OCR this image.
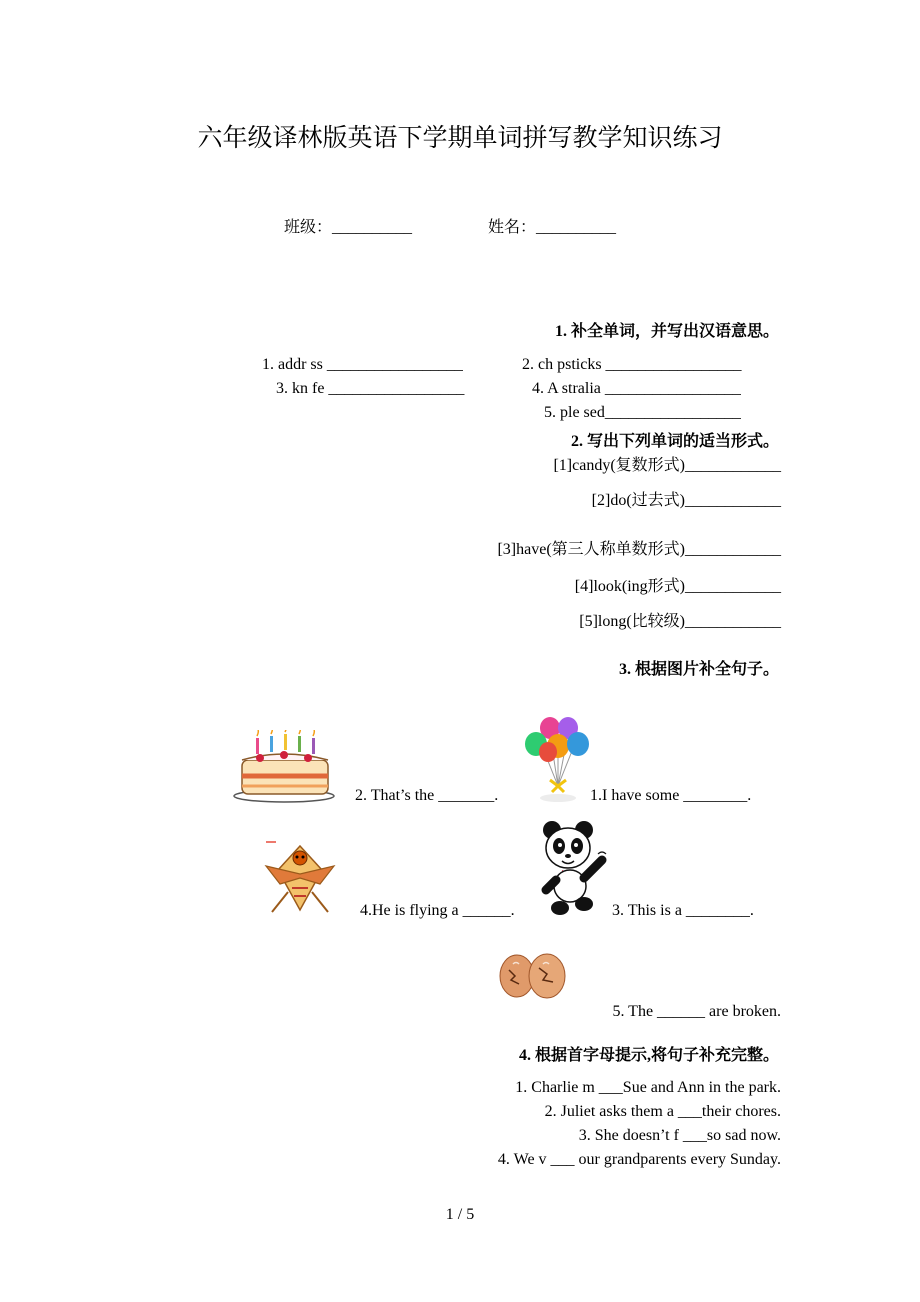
六年级译林版英语下学期单词拼写教学知识练习
班级：__________	姓名：__________
1. 补全单词，并写出汉语意思。
1. addr ss _________________	2. ch psticks _________________
3. kn fe _________________	4. A stralia _________________
5. ple sed_________________
2. 写出下列单词的适当形式。
[1]candy(复数形式)____________
[2]do(过去式)____________
[3]have(第三人称单数形式)____________
[4]look(ing形式)____________
[5]long(比较级)____________
3. 根据图片补全句子。
2. That’s the _______.	1.I have some ________.
4.He is flying a ______.	3. This is a ________.
5. The ______ are broken.
4. 根据首字母提示,将句子补充完整。
1. Charlie m ___Sue and Ann in the park.
2. Juliet asks them a ___their chores.
3. She doesn’t f ___so sad now.
4. We v ___ our grandparents every Sunday.
1 / 5
